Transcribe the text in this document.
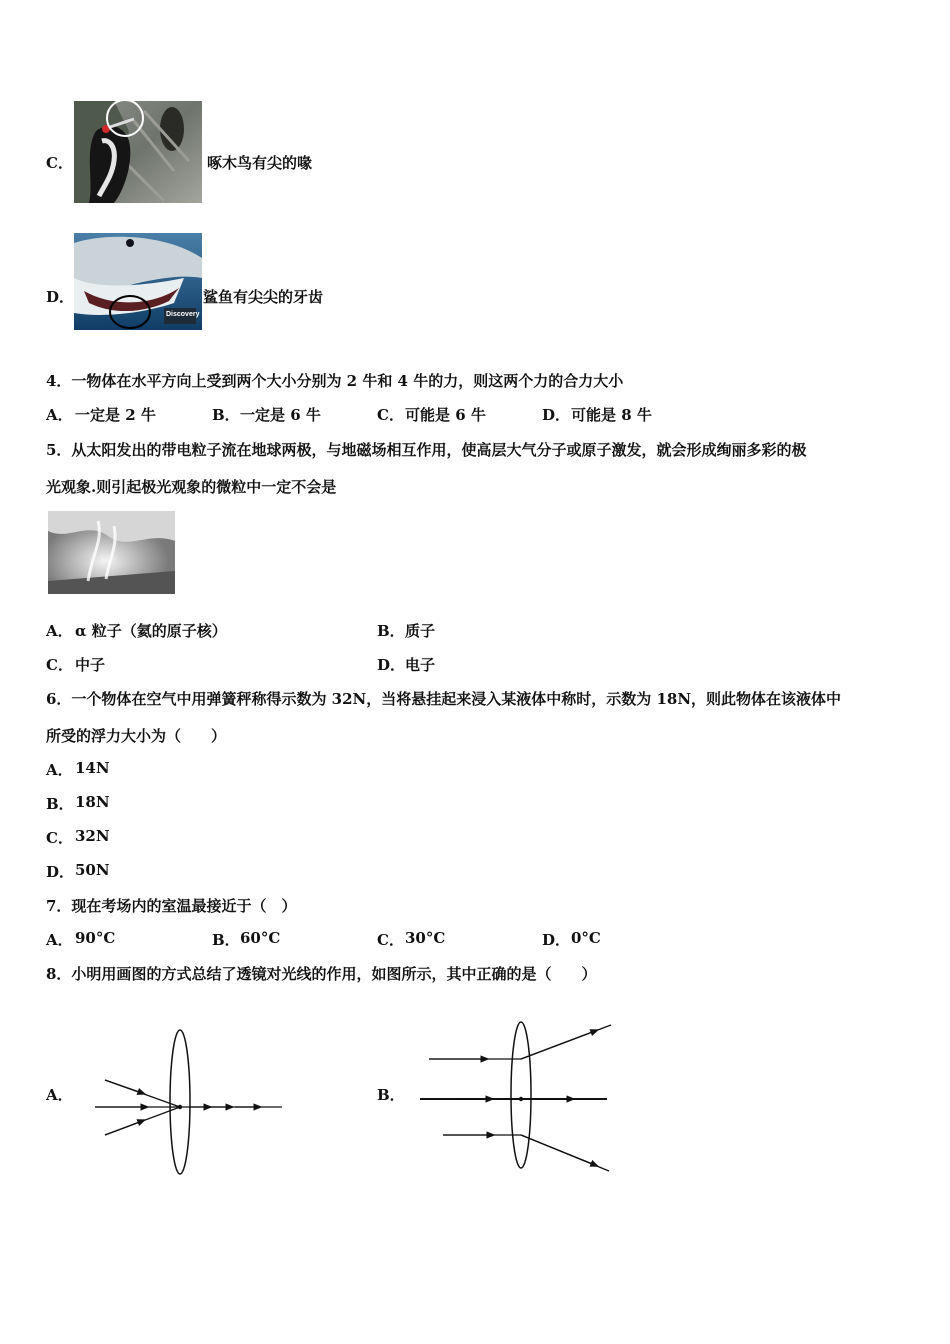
C．	啄木鸟有尖的喙
D．
Discovery
鲨鱼有尖尖的牙齿
4．一物体在水平方向上受到两个大小分别为 2 牛和 4 牛的力，则这两个力的合力大小
A． 一定是 2 牛	B． 一定是 6 牛	C． 可能是 6 牛	D． 可能是 8 牛
5．从太阳发出的带电粒子流在地球两极，与地磁场相互作用，使高层大气分子或原子激发，就会形成绚丽多彩的极
光观象.则引起极光观象的微粒中一定不会是
A． α 粒子（氦的原子核）	B． 质子
C． 中子	D． 电子
6．一个物体在空气中用弹簧秤称得示数为 32N，当将悬挂起来浸入某液体中称时，示数为 18N，则此物体在该液体中
所受的浮力大小为（　　）
A． 14N
B． 18N
C． 32N
D． 50N
7．现在考场内的室温最接近于（　）
A． 90°C	B． 60°C	C． 30°C	D． 0°C
8．小明用画图的方式总结了透镜对光线的作用，如图所示，其中正确的是（　　）
A．	B．
